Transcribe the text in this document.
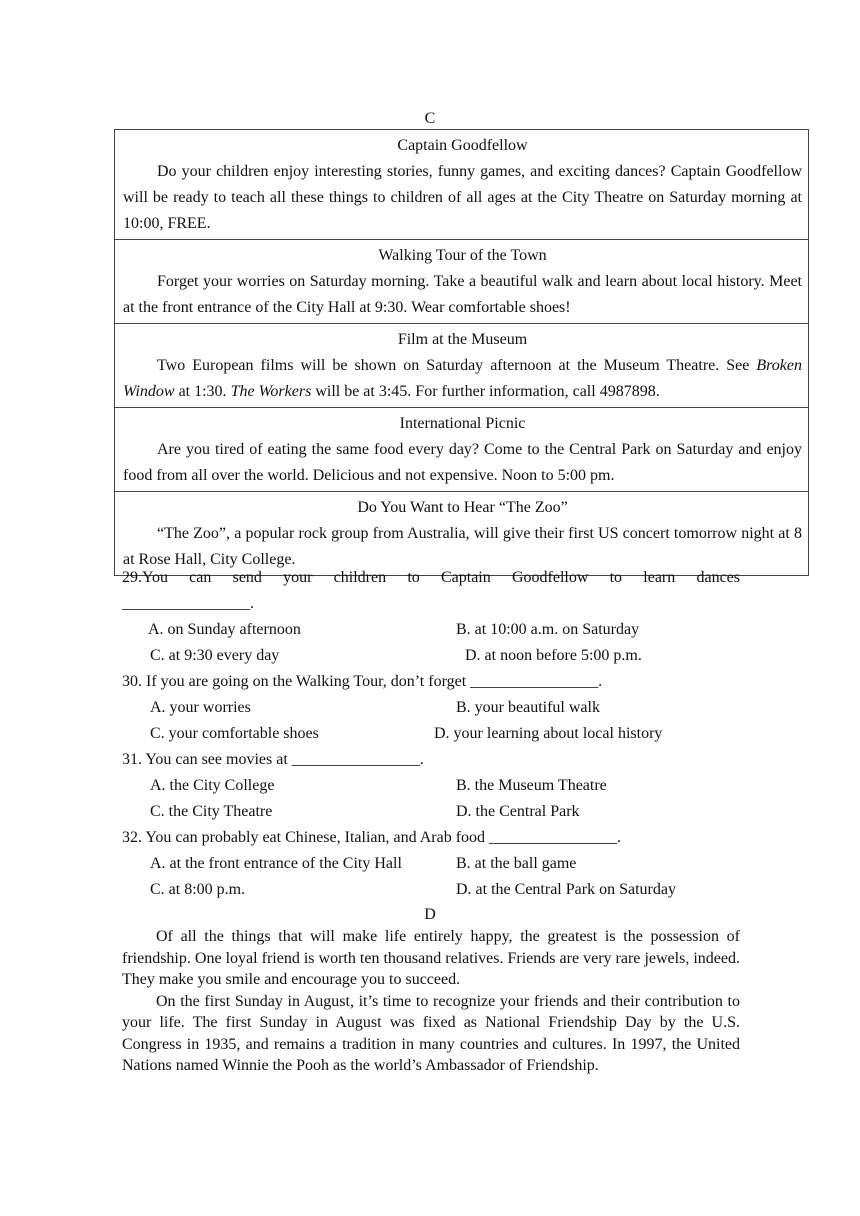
C
Captain Goodfellow
Do your children enjoy interesting stories, funny games, and exciting dances? Captain Goodfellow will be ready to teach all these things to children of all ages at the City Theatre on Saturday morning at 10:00, FREE.

Walking Tour of the Town
Forget your worries on Saturday morning. Take a beautiful walk and learn about local history. Meet at the front entrance of the City Hall at 9:30. Wear comfortable shoes!

Film at the Museum
Two European films will be shown on Saturday afternoon at the Museum Theatre. See Broken Window at 1:30. The Workers will be at 3:45. For further information, call 4987898.

International Picnic
Are you tired of eating the same food every day? Come to the Central Park on Saturday and enjoy food from all over the world. Delicious and not expensive. Noon to 5:00 pm.

Do You Want to Hear “The Zoo”
“The Zoo”, a popular rock group from Australia, will give their first US concert tomorrow night at 8 at Rose Hall, City College.
29.You can send your children to Captain Goodfellow to learn dances
________________.
A. on Sunday afternoon	B. at 10:00 a.m. on Saturday
C. at 9:30 every day	D. at noon before 5:00 p.m.
30. If you are going on the Walking Tour, don’t forget ________________.
A. your worries	B. your beautiful walk
C. your comfortable shoes	D. your learning about local history
31. You can see movies at ________________.
A. the City College	B. the Museum Theatre
C. the City Theatre	D. the Central Park
32. You can probably eat Chinese, Italian, and Arab food ________________.
A. at the front entrance of the City Hall	B. at the ball game
C. at 8:00 p.m.	D. at the Central Park on Saturday
D

Of all the things that will make life entirely happy, the greatest is the possession of friendship. One loyal friend is worth ten thousand relatives. Friends are very rare jewels, indeed. They make you smile and encourage you to succeed.

On the first Sunday in August, it’s time to recognize your friends and their contribution to your life. The first Sunday in August was fixed as National Friendship Day by the U.S. Congress in 1935, and remains a tradition in many countries and cultures. In 1997, the United Nations named Winnie the Pooh as the world’s Ambassador of Friendship.
